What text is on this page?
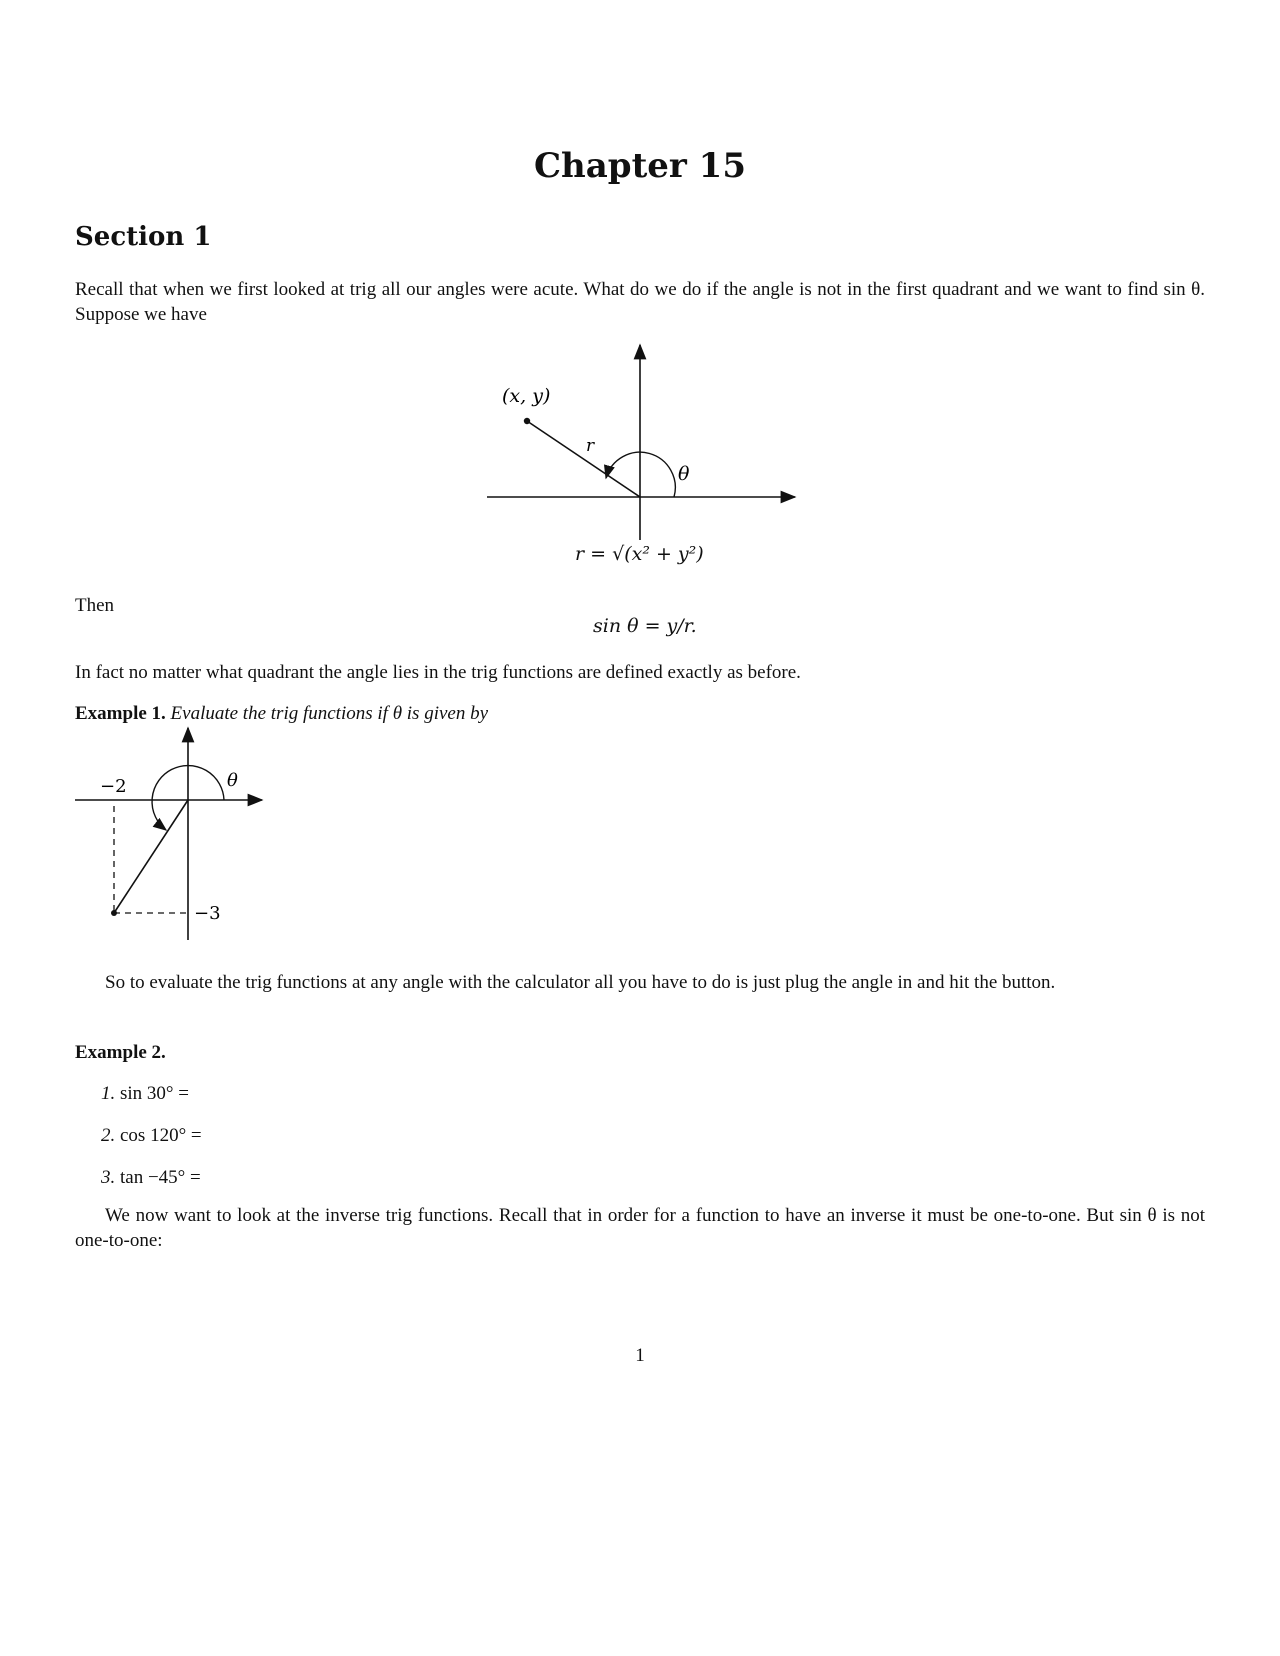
Chapter 15
Section 1

Recall that when we first looked at trig all our angles were acute. What do we do if the angle is not in the first quadrant and we want to find sin θ. Suppose we have

(x, y)
r
θ
r = √(x² + y²)
Then
sin θ = y/r.

In fact no matter what quadrant the angle lies in the trig functions are defined exactly as before.

Example 1. Evaluate the trig functions if θ is given by
−2
−3
θ

So to evaluate the trig functions at any angle with the calculator all you have to do is just plug the angle in and hit the button.

Example 2.
1. sin 30° =
2. cos 120° =
3. tan −45° =

We now want to look at the inverse trig functions. Recall that in order for a function to have an inverse it must be one-to-one. But sin θ is not one-to-one:

1
